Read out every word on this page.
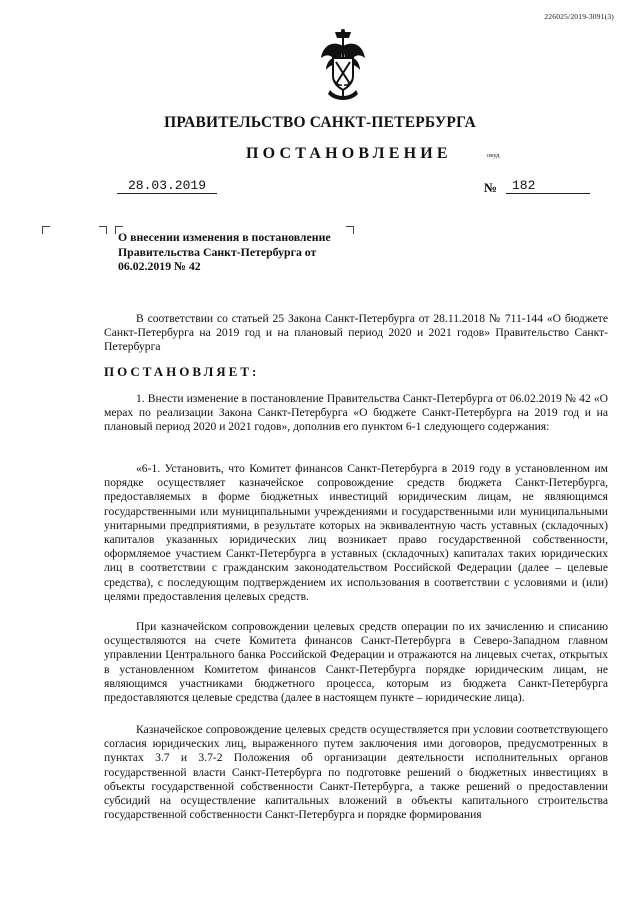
226025/2019-3091(3)
ПРАВИТЕЛЬСТВО САНКТ-ПЕТЕРБУРГА
ПОСТАНОВЛЕНИЕ	окуд
28.03.2019	№	182
О внесении изменения в постановление Правительства Санкт-Петербурга от 06.02.2019 № 42
В соответствии со статьей 25 Закона Санкт-Петербурга от 28.11.2018 № 711-144 «О бюджете Санкт-Петербурга на 2019 год и на плановый период 2020 и 2021 годов» Правительство Санкт-Петербурга
ПОСТАНОВЛЯЕТ:
1. Внести изменение в постановление Правительства Санкт-Петербурга от 06.02.2019 № 42 «О мерах по реализации Закона Санкт-Петербурга «О бюджете Санкт-Петербурга на 2019 год и на плановый период 2020 и 2021 годов», дополнив его пунктом 6-1 следующего содержания:
«6-1. Установить, что Комитет финансов Санкт-Петербурга в 2019 году в установленном им порядке осуществляет казначейское сопровождение средств бюджета Санкт-Петербурга, предоставляемых в форме бюджетных инвестиций юридическим лицам, не являющимся государственными или муниципальными учреждениями и государственными или муниципальными унитарными предприятиями, в результате которых на эквивалентную часть уставных (складочных) капиталов указанных юридических лиц возникает право государственной собственности, оформляемое участием Санкт-Петербурга в уставных (складочных) капиталах таких юридических лиц в соответствии с гражданским законодательством Российской Федерации (далее – целевые средства), с последующим подтверждением их использования в соответствии с условиями и (или) целями предоставления целевых средств.
При казначейском сопровождении целевых средств операции по их зачислению и списанию осуществляются на счете Комитета финансов Санкт-Петербурга в Северо-Западном главном управлении Центрального банка Российской Федерации и отражаются на лицевых счетах, открытых в установленном Комитетом финансов Санкт-Петербурга порядке юридическим лицам, не являющимся участниками бюджетного процесса, которым из бюджета Санкт-Петербурга предоставляются целевые средства (далее в настоящем пункте – юридические лица).
Казначейское сопровождение целевых средств осуществляется при условии соответствующего согласия юридических лиц, выраженного путем заключения ими договоров, предусмотренных в пунктах 3.7 и 3.7-2 Положения об организации деятельности исполнительных органов государственной власти Санкт-Петербурга по подготовке решений о бюджетных инвестициях в объекты государственной собственности Санкт-Петербурга, а также решений о предоставлении субсидий на осуществление капитальных вложений в объекты капитального строительства государственной собственности Санкт-Петербурга и порядке формирования
